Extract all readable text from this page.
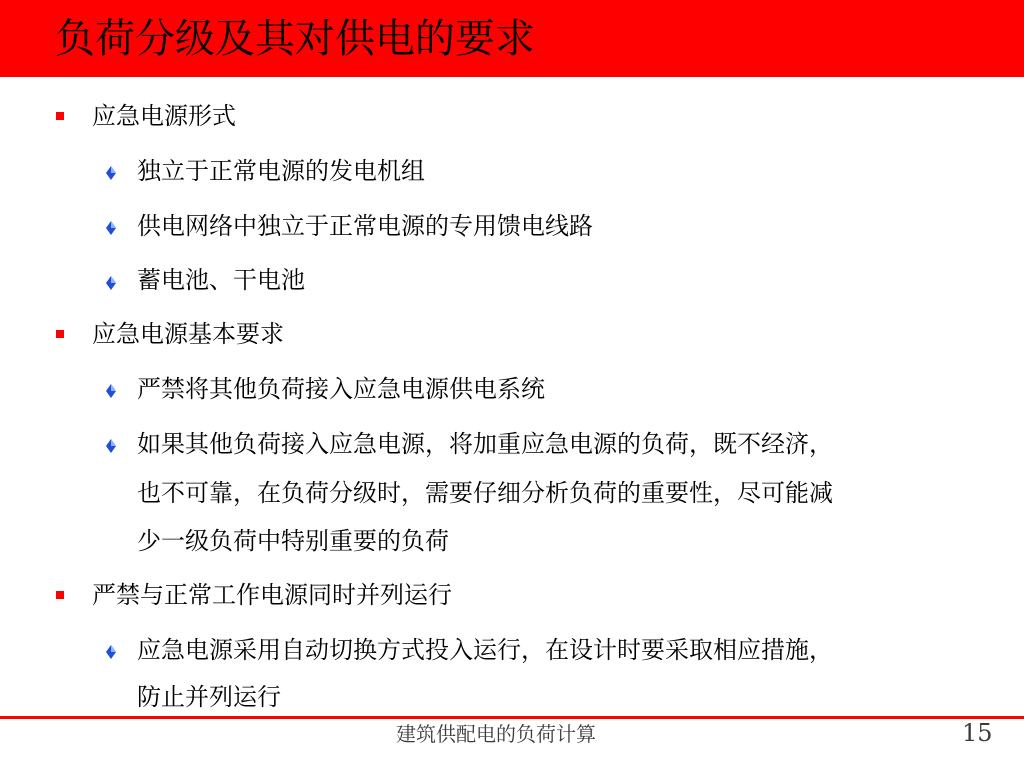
负荷分级及其对供电的要求
应急电源形式
独立于正常电源的发电机组
供电网络中独立于正常电源的专用馈电线路
蓄电池、干电池
应急电源基本要求
严禁将其他负荷接入应急电源供电系统
如果其他负荷接入应急电源，将加重应急电源的负荷，既不经济，
也不可靠，在负荷分级时，需要仔细分析负荷的重要性，尽可能减
少一级负荷中特别重要的负荷
严禁与正常工作电源同时并列运行
应急电源采用自动切换方式投入运行，在设计时要采取相应措施，
防止并列运行
建筑供配电的负荷计算	15
